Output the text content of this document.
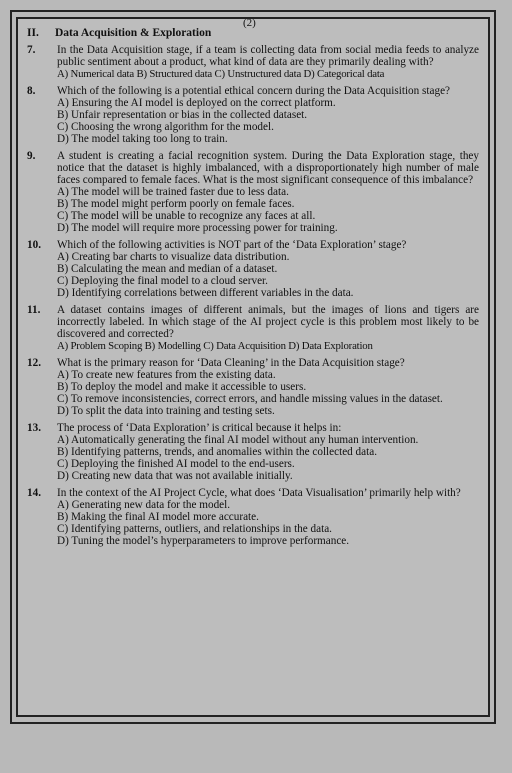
(2)
II.	Data Acquisition & Exploration
7.	In the Data Acquisition stage, if a team is collecting data from social media feeds to analyze public sentiment about a product, what kind of data are they primarily dealing with?
A) Numerical data B) Structured data C) Unstructured data D) Categorical data
8.	Which of the following is a potential ethical concern during the Data Acquisition stage?
A) Ensuring the AI model is deployed on the correct platform.
B) Unfair representation or bias in the collected dataset.
C) Choosing the wrong algorithm for the model.
D) The model taking too long to train.
9.	A student is creating a facial recognition system. During the Data Exploration stage, they notice that the dataset is highly imbalanced, with a disproportionately high number of male faces compared to female faces. What is the most significant consequence of this imbalance?
A) The model will be trained faster due to less data.
B) The model might perform poorly on female faces.
C) The model will be unable to recognize any faces at all.
D) The model will require more processing power for training.
10.	Which of the following activities is NOT part of the ‘Data Exploration’ stage?
A) Creating bar charts to visualize data distribution.
B) Calculating the mean and median of a dataset.
C) Deploying the final model to a cloud server.
D) Identifying correlations between different variables in the data.
11.	A dataset contains images of different animals, but the images of lions and tigers are incorrectly labeled. In which stage of the AI project cycle is this problem most likely to be discovered and corrected?
A) Problem Scoping B) Modelling C) Data Acquisition D) Data Exploration
12.	What is the primary reason for ‘Data Cleaning’ in the Data Acquisition stage?
A) To create new features from the existing data.
B) To deploy the model and make it accessible to users.
C) To remove inconsistencies, correct errors, and handle missing values in the dataset.
D) To split the data into training and testing sets.
13.	The process of ‘Data Exploration’ is critical because it helps in:
A) Automatically generating the final AI model without any human intervention.
B) Identifying patterns, trends, and anomalies within the collected data.
C) Deploying the finished AI model to the end-users.
D) Creating new data that was not available initially.
14.	In the context of the AI Project Cycle, what does ‘Data Visualisation’ primarily help with?
A) Generating new data for the model.
B) Making the final AI model more accurate.
C) Identifying patterns, outliers, and relationships in the data.
D) Tuning the model’s hyperparameters to improve performance.
